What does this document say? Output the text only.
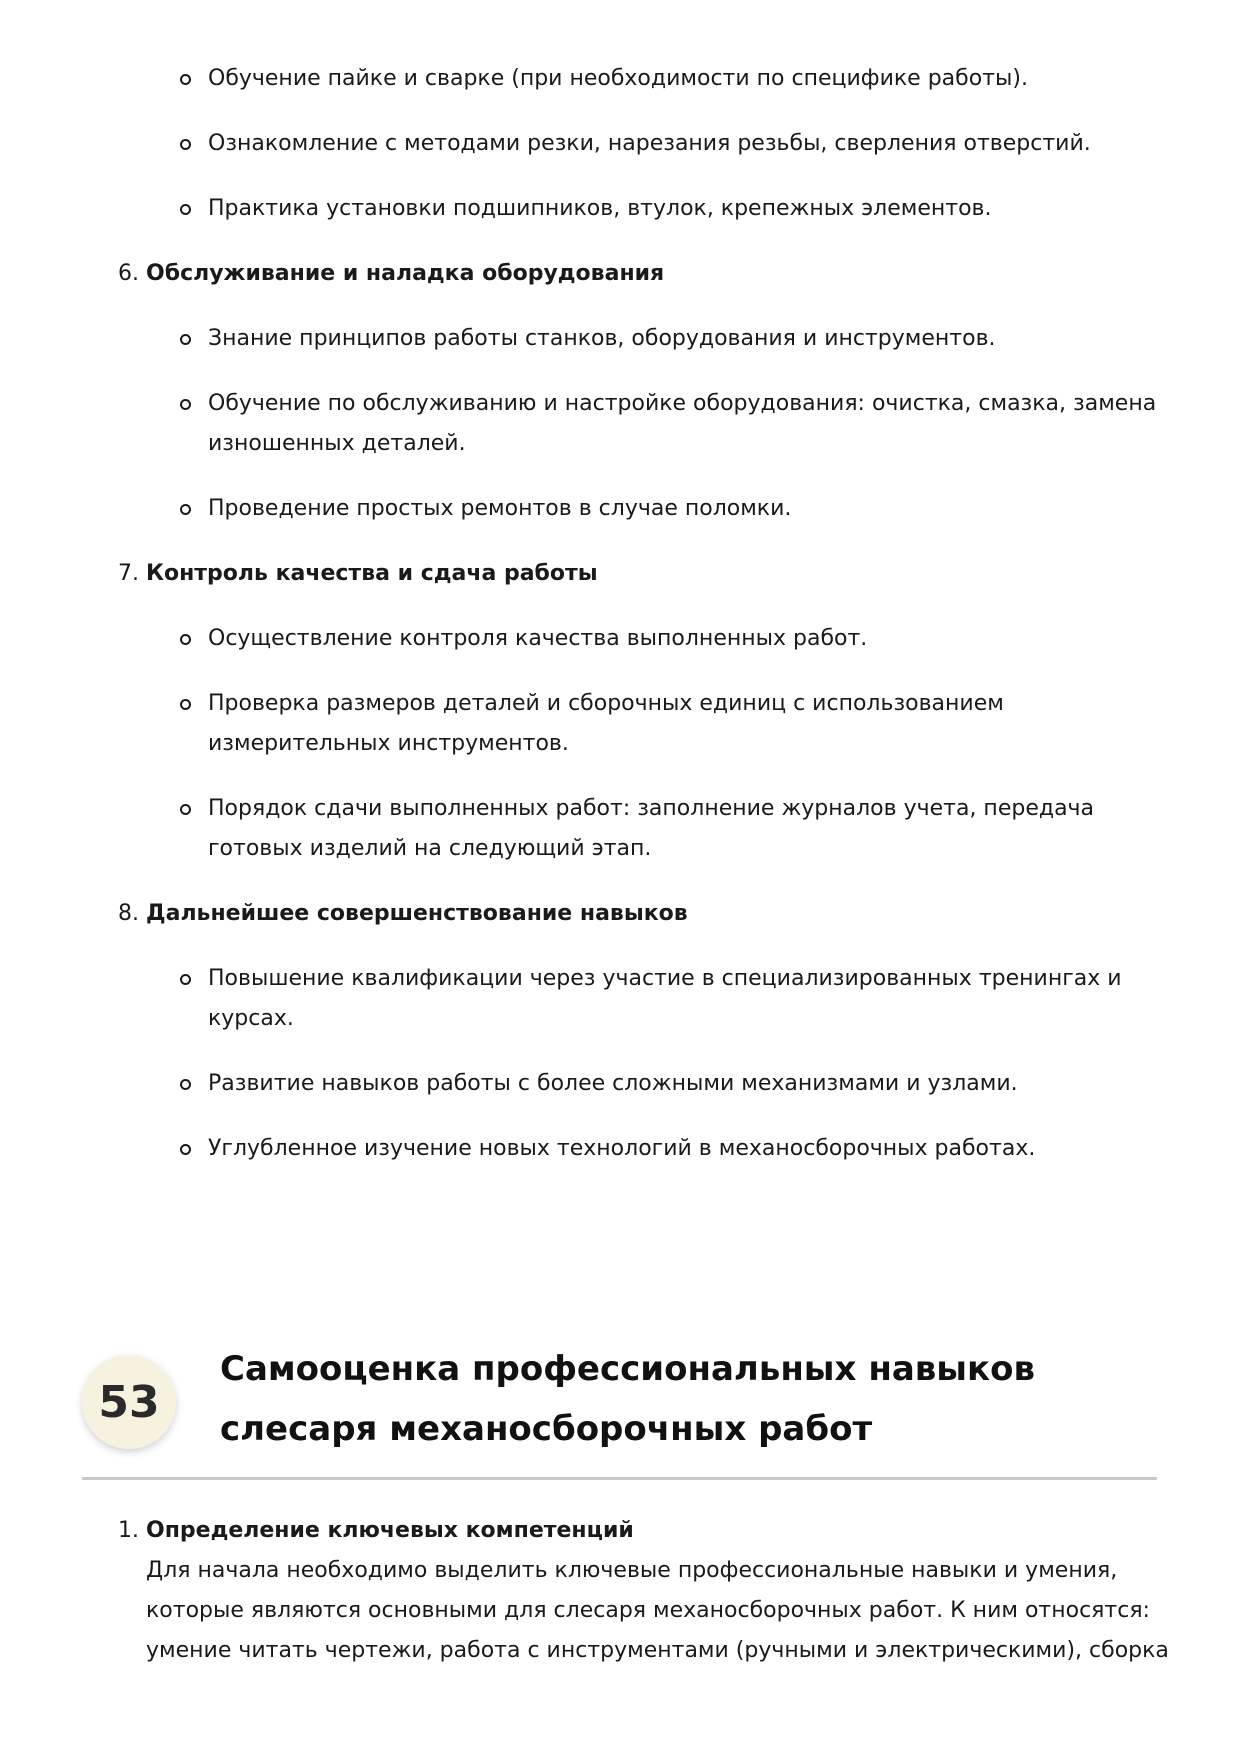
Обучение пайке и сварке (при необходимости по специфике работы).
Ознакомление с методами резки, нарезания резьбы, сверления отверстий.
Практика установки подшипников, втулок, крепежных элементов.
6. Обслуживание и наладка оборудования
Знание принципов работы станков, оборудования и инструментов.
Обучение по обслуживанию и настройке оборудования: очистка, смазка, замена изношенных деталей.
Проведение простых ремонтов в случае поломки.
7. Контроль качества и сдача работы
Осуществление контроля качества выполненных работ.
Проверка размеров деталей и сборочных единиц с использованием измерительных инструментов.
Порядок сдачи выполненных работ: заполнение журналов учета, передача готовых изделий на следующий этап.
8. Дальнейшее совершенствование навыков
Повышение квалификации через участие в специализированных тренингах и курсах.
Развитие навыков работы с более сложными механизмами и узлами.
Углубленное изучение новых технологий в механосборочных работах.
53
Самооценка профессиональных навыков слесаря механосборочных работ
1. Определение ключевых компетенций
Для начала необходимо выделить ключевые профессиональные навыки и умения, которые являются основными для слесаря механосборочных работ. К ним относятся: умение читать чертежи, работа с инструментами (ручными и электрическими), сборка
